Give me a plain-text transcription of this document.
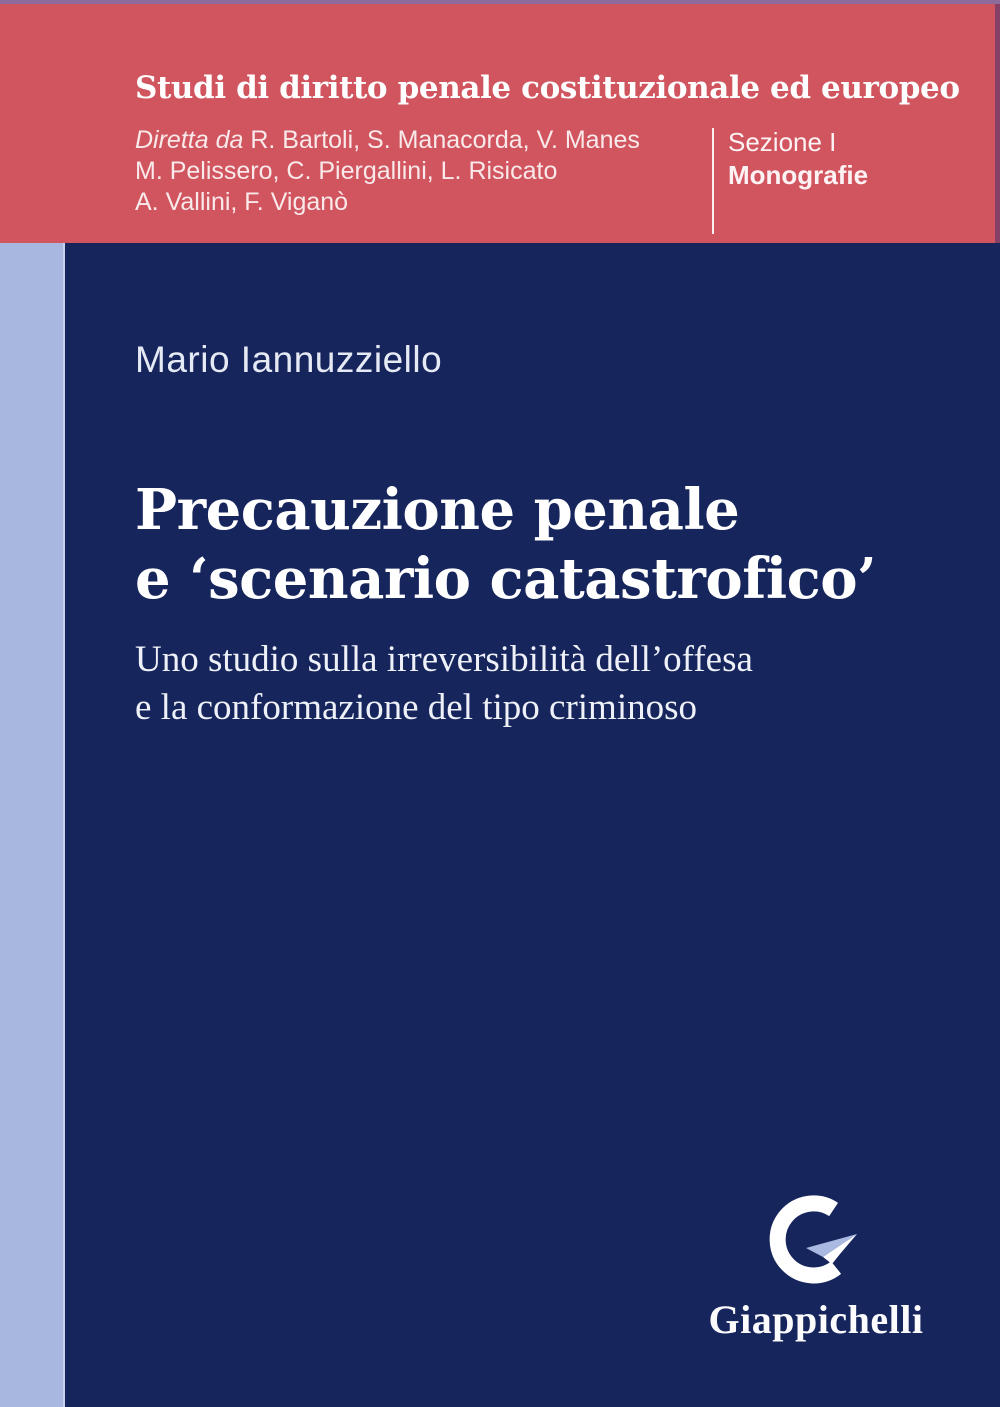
Studi di diritto penale costituzionale ed europeo

Diretta da R. Bartoli, S. Manacorda, V. Manes

M. Pelissero, C. Piergallini, L. Risicato

A. Vallini, F. Viganò

Sezione I
Monografie
Mario Iannuzziello
Precauzione penale
e ‘scenario catastrofico’

Uno studio sulla irreversibilità dell’offesa
e la conformazione del tipo criminoso

Giappichelli
